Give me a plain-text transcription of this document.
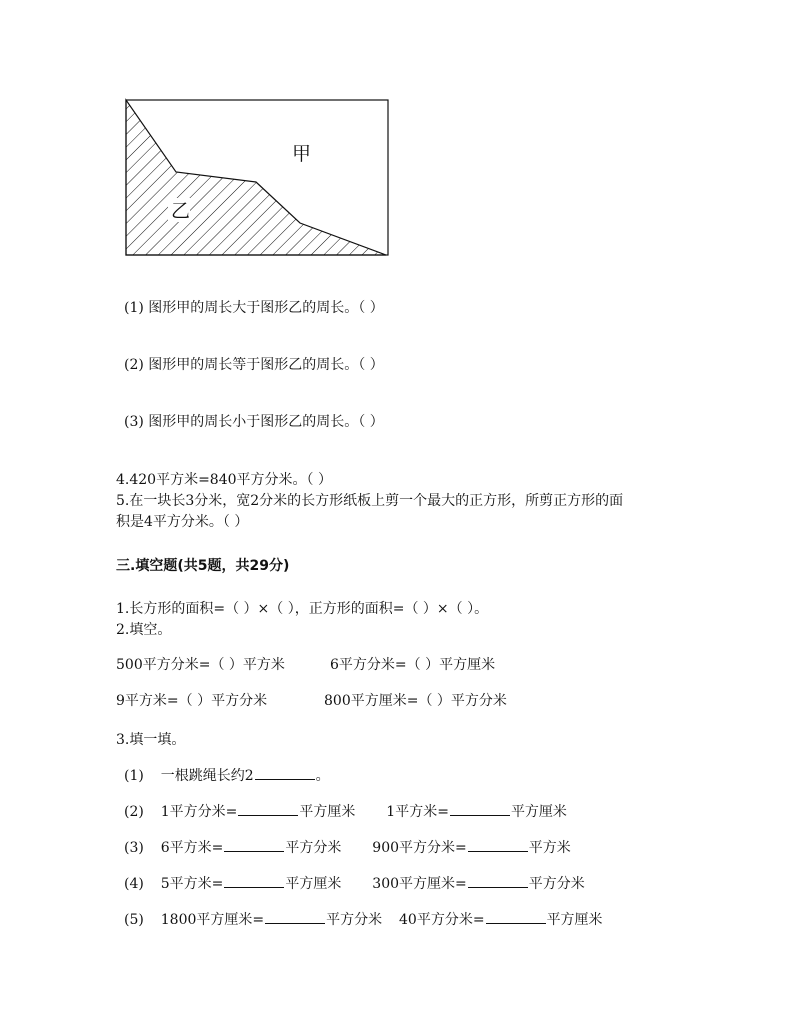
乙
甲
(1) 图形甲的周长大于图形乙的周长。（ ）
(2) 图形甲的周长等于图形乙的周长。（ ）
(3) 图形甲的周长小于图形乙的周长。（ ）
4.420平方米=840平方分米。（ ）
5.在一块长3分米，宽2分米的长方形纸板上剪一个最大的正方形，所剪正方形的面
积是4平方分米。（ ）
三.填空题(共5题，共29分)
1.长方形的面积=（ ）×（ ），正方形的面积=（ ）×（ ）。
2.填空。
500平方分米=（ ）平方米	6平方分米=（ ）平方厘米
9平方米=（ ）平方分米	800平方厘米=（ ）平方分米
3.填一填。
(1) 一根跳绳长约2	。
(2) 1平方分米=	平方厘米 1平方米=	平方厘米
(3) 6平方米=	平方分米 900平方分米=	平方米
(4) 5平方米=	平方厘米 300平方厘米=	平方分米
(5) 1800平方厘米=	平方分米 40平方分米=	平方厘米
